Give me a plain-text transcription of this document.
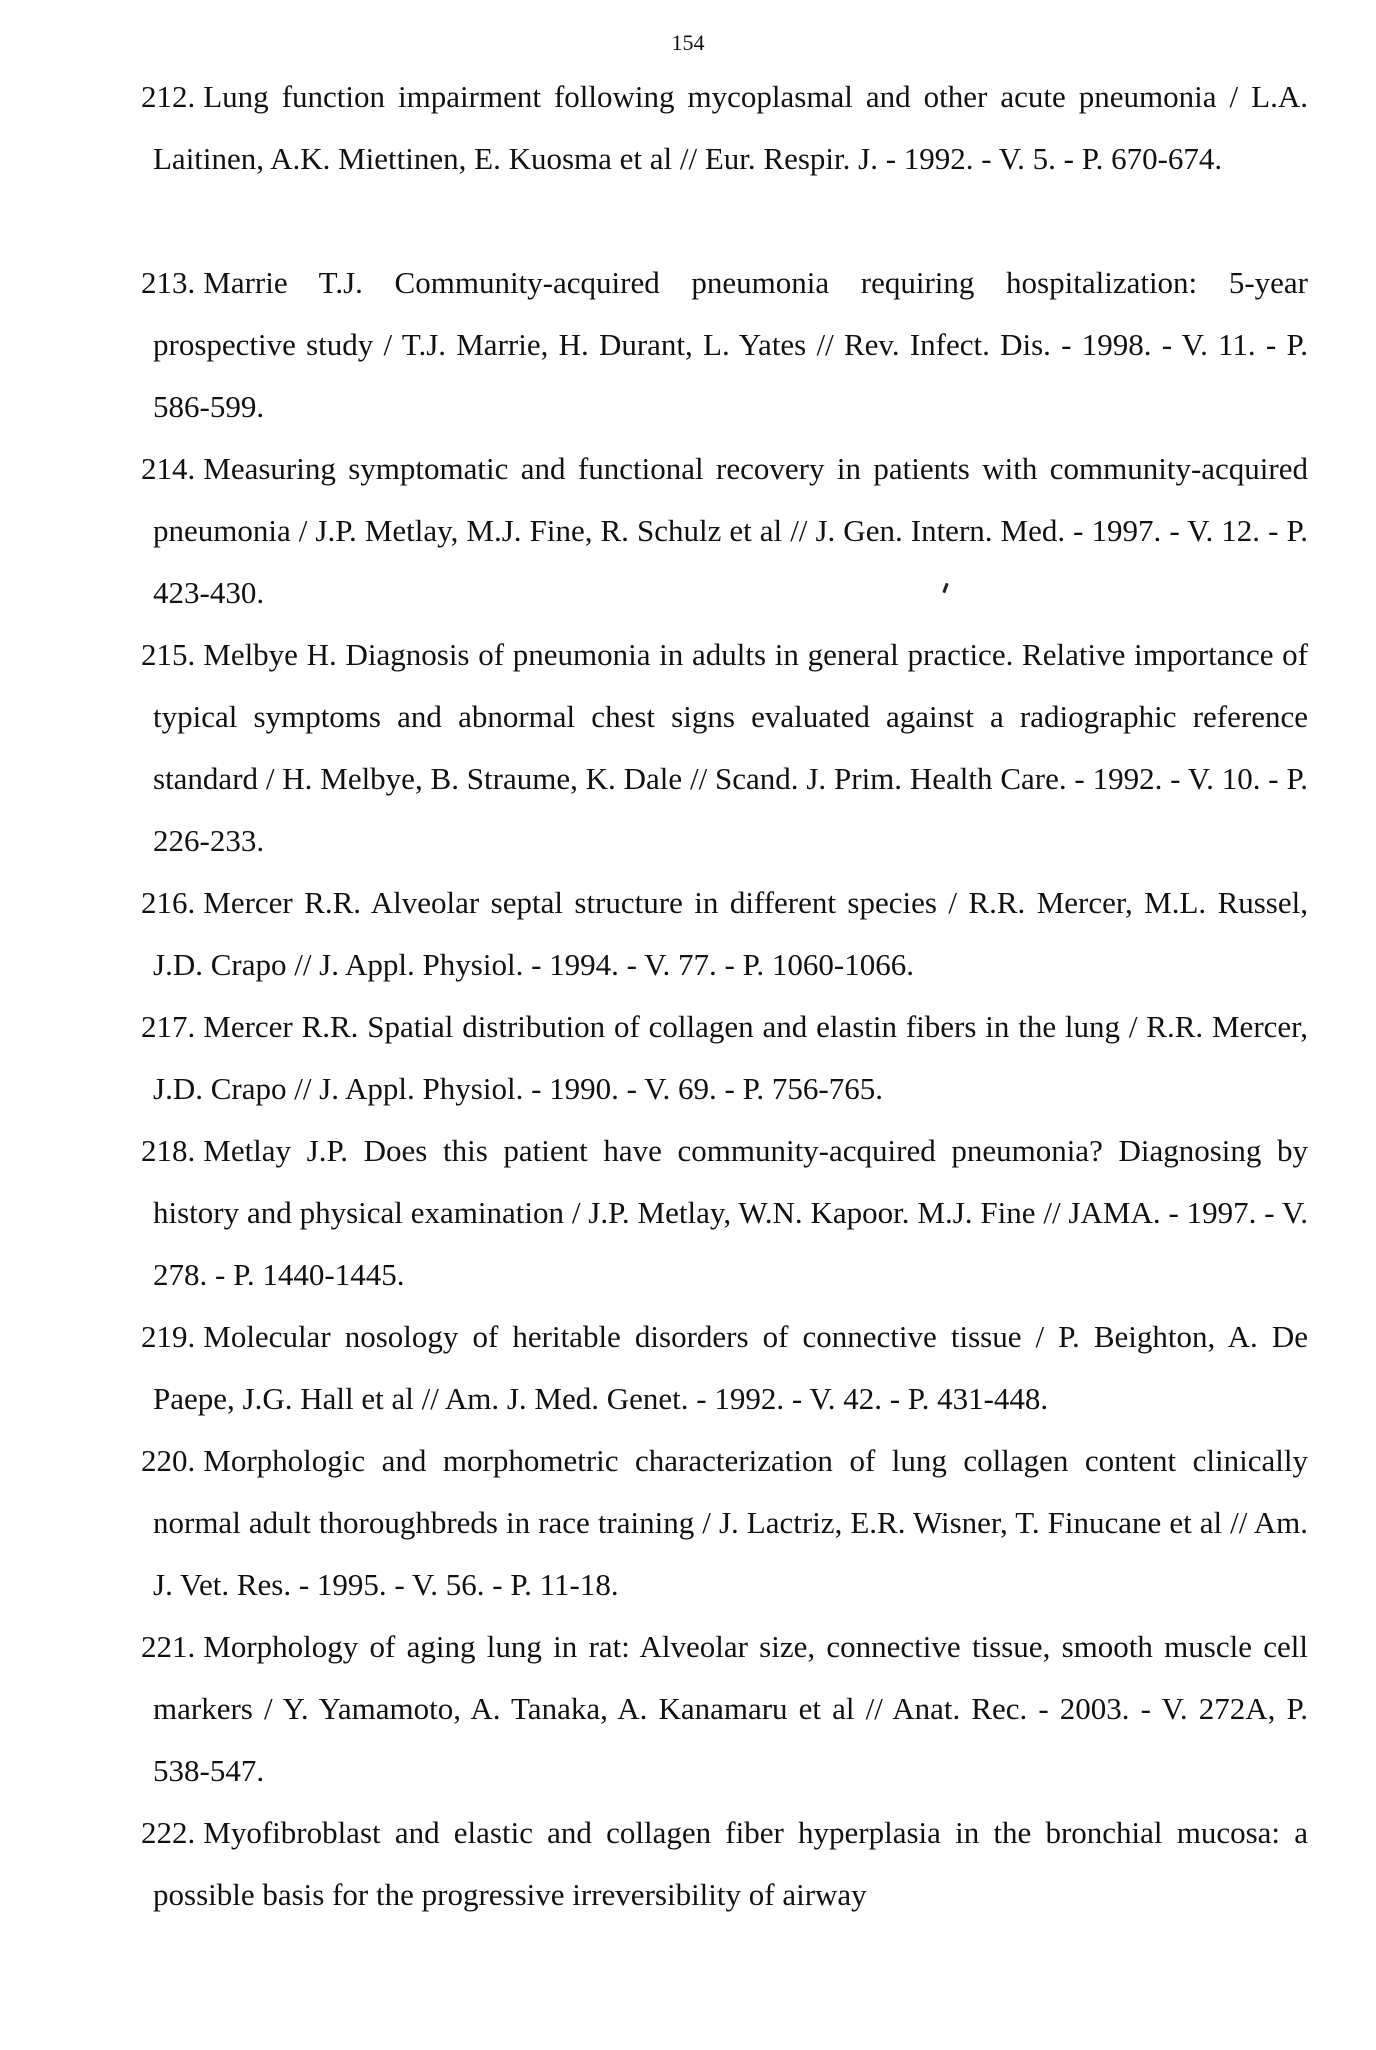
154
212. Lung function impairment following mycoplasmal and other acute pneumonia / L.A. Laitinen, A.K. Miettinen, E. Kuosma et al // Eur. Respir. J. - 1992. - V. 5. - P. 670-674.
213. Marrie T.J. Community-acquired pneumonia requiring hospitalization: 5-year prospective study / T.J. Marrie, H. Durant, L. Yates // Rev. Infect. Dis. - 1998. - V. 11. - P. 586-599.
214. Measuring symptomatic and functional recovery in patients with community-acquired pneumonia / J.P. Metlay, M.J. Fine, R. Schulz et al // J. Gen. Intern. Med. - 1997. - V. 12. - P. 423-430.
215. Melbye H. Diagnosis of pneumonia in adults in general practice. Relative importance of typical symptoms and abnormal chest signs evaluated against a radiographic reference standard / H. Melbye, B. Straume, K. Dale // Scand. J. Prim. Health Care. - 1992. - V. 10. - P. 226-233.
216. Mercer R.R. Alveolar septal structure in different species / R.R. Mercer, M.L. Russel, J.D. Crapo // J. Appl. Physiol. - 1994. - V. 77. - P. 1060-1066.
217. Mercer R.R. Spatial distribution of collagen and elastin fibers in the lung / R.R. Mercer, J.D. Crapo // J. Appl. Physiol. - 1990. - V. 69. - P. 756-765.
218. Metlay J.P. Does this patient have community-acquired pneumonia? Diagnosing by history and physical examination / J.P. Metlay, W.N. Kapoor. M.J. Fine // JAMA. - 1997. - V. 278. - P. 1440-1445.
219. Molecular nosology of heritable disorders of connective tissue / P. Beighton, A. De Paepe, J.G. Hall et al // Am. J. Med. Genet. - 1992. - V. 42. - P. 431-448.
220. Morphologic and morphometric characterization of lung collagen content clinically normal adult thoroughbreds in race training / J. Lactriz, E.R. Wisner, T. Finucane et al // Am. J. Vet. Res. - 1995. - V. 56. - P. 11-18.
221. Morphology of aging lung in rat: Alveolar size, connective tissue, smooth muscle cell markers / Y. Yamamoto, A. Tanaka, A. Kanamaru et al // Anat. Rec. - 2003. - V. 272A, P. 538-547.
222. Myofibroblast and elastic and collagen fiber hyperplasia in the bronchial mucosa: a possible basis for the progressive irreversibility of airway
